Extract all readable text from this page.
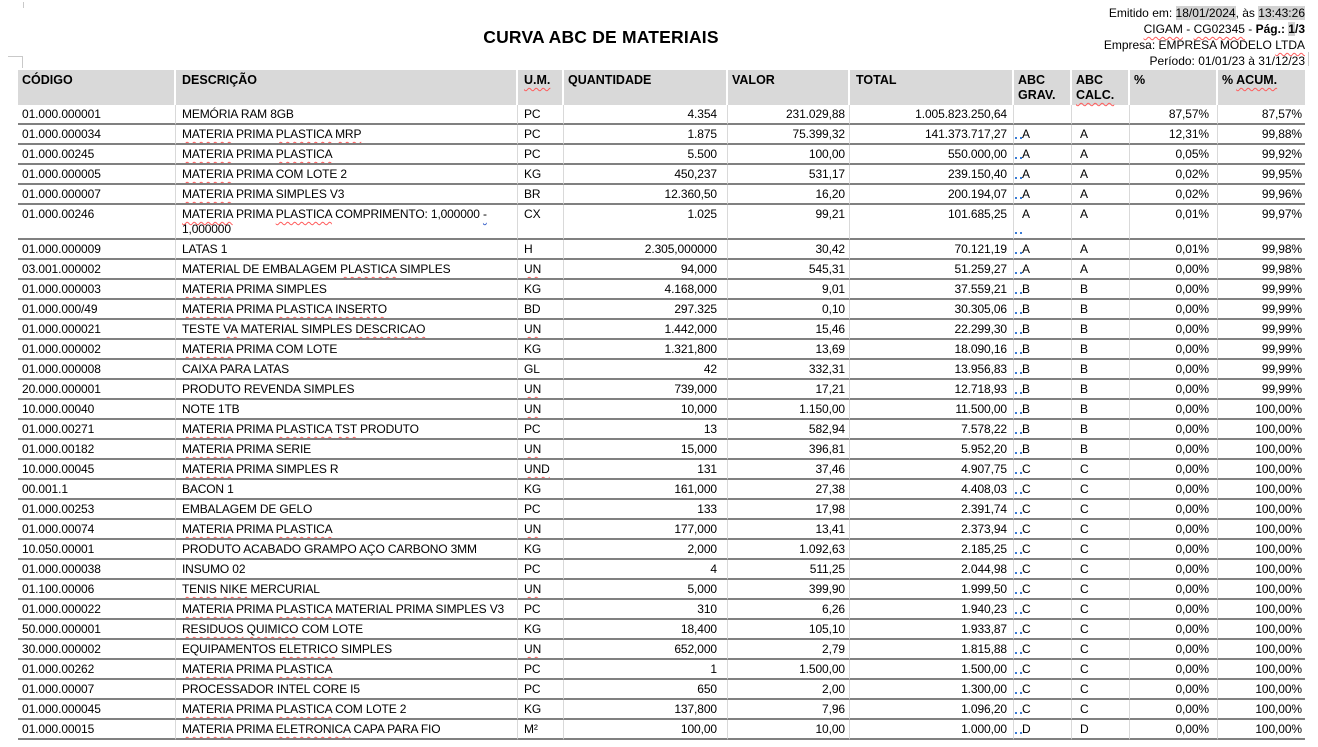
CURVA ABC DE MATERIAIS
Emitido em: 18/01/2024, às 13:43:26
CIGAM - CG02345 - Pág.: 1/3
Empresa: EMPRESA MODELO LTDA
Período: 01/01/23 à 31/12/23
CÓDIGO	DESCRIÇÃO	U.M.	QUANTIDADE	VALOR	TOTAL	ABC GRAV.	ABC CALC.	%	% ACUM.
01.000.000001	MEMÓRIA RAM 8GB	PC	4.354	231.029,88	1.005.823.250,64			87,57%	87,57%
01.000.000034	MATERIA PRIMA PLASTICA MRP	PC	1.875	75.399,32	141.373.717,27	A	A	12,31%	99,88%
01.000.00245	MATERIA PRIMA PLASTICA	PC	5.500	100,00	550.000,00	A	A	0,05%	99,92%
01.000.000005	MATERIA PRIMA COM LOTE 2	KG	450,237	531,17	239.150,40	A	A	0,02%	99,95%
01.000.000007	MATERIA PRIMA SIMPLES V3	BR	12.360,50	16,20	200.194,07	A	A	0,02%	99,96%
01.000.00246	MATERIA PRIMA PLASTICA COMPRIMENTO: 1,000000 - 1,000000	CX	1.025	99,21	101.685,25	A	A	0,01%	99,97%
01.000.000009	LATAS 1	H	2.305,000000	30,42	70.121,19	A	A	0,01%	99,98%
03.001.000002	MATERIAL DE EMBALAGEM PLASTICA SIMPLES	UN	94,000	545,31	51.259,27	A	A	0,00%	99,98%
01.000.000003	MATERIA PRIMA SIMPLES	KG	4.168,000	9,01	37.559,21	B	B	0,00%	99,99%
01.000.000/49	MATERIA PRIMA PLASTICA INSERTO	BD	297.325	0,10	30.305,06	B	B	0,00%	99,99%
01.000.000021	TESTE VA MATERIAL SIMPLES DESCRICAO	UN	1.442,000	15,46	22.299,30	B	B	0,00%	99,99%
01.000.000002	MATERIA PRIMA COM LOTE	KG	1.321,800	13,69	18.090,16	B	B	0,00%	99,99%
01.000.000008	CAIXA PARA LATAS	GL	42	332,31	13.956,83	B	B	0,00%	99,99%
20.000.000001	PRODUTO REVENDA SIMPLES	UN	739,000	17,21	12.718,93	B	B	0,00%	99,99%
10.000.00040	NOTE 1TB	UN	10,000	1.150,00	11.500,00	B	B	0,00%	100,00%
01.000.00271	MATERIA PRIMA PLASTICA TST PRODUTO	PC	13	582,94	7.578,22	B	B	0,00%	100,00%
01.000.00182	MATERIA PRIMA SERIE	UN	15,000	396,81	5.952,20	B	B	0,00%	100,00%
10.000.00045	MATERIA PRIMA SIMPLES R	UND	131	37,46	4.907,75	C	C	0,00%	100,00%
00.001.1	BACON 1	KG	161,000	27,38	4.408,03	C	C	0,00%	100,00%
01.000.00253	EMBALAGEM DE GELO	PC	133	17,98	2.391,74	C	C	0,00%	100,00%
01.000.00074	MATERIA PRIMA PLASTICA	UN	177,000	13,41	2.373,94	C	C	0,00%	100,00%
10.050.00001	PRODUTO ACABADO GRAMPO AÇO CARBONO 3MM	KG	2,000	1.092,63	2.185,25	C	C	0,00%	100,00%
01.000.000038	INSUMO 02	PC	4	511,25	2.044,98	C	C	0,00%	100,00%
01.100.00006	TENIS NIKE MERCURIAL	UN	5,000	399,90	1.999,50	C	C	0,00%	100,00%
01.000.000022	MATERIA PRIMA PLASTICA MATERIAL PRIMA SIMPLES V3	PC	310	6,26	1.940,23	C	C	0,00%	100,00%
50.000.000001	RESIDUOS QUIMICO COM LOTE	KG	18,400	105,10	1.933,87	C	C	0,00%	100,00%
30.000.000002	EQUIPAMENTOS ELETRICO SIMPLES	UN	652,000	2,79	1.815,88	C	C	0,00%	100,00%
01.000.00262	MATERIA PRIMA PLASTICA	PC	1	1.500,00	1.500,00	C	C	0,00%	100,00%
01.000.00007	PROCESSADOR INTEL CORE I5	PC	650	2,00	1.300,00	C	C	0,00%	100,00%
01.000.000045	MATERIA PRIMA PLASTICA COM LOTE 2	KG	137,800	7,96	1.096,20	C	C	0,00%	100,00%
01.000.00015	MATERIA PRIMA ELETRONICA CAPA PARA FIO	M²	100,00	10,00	1.000,00	D	D	0,00%	100,00%
